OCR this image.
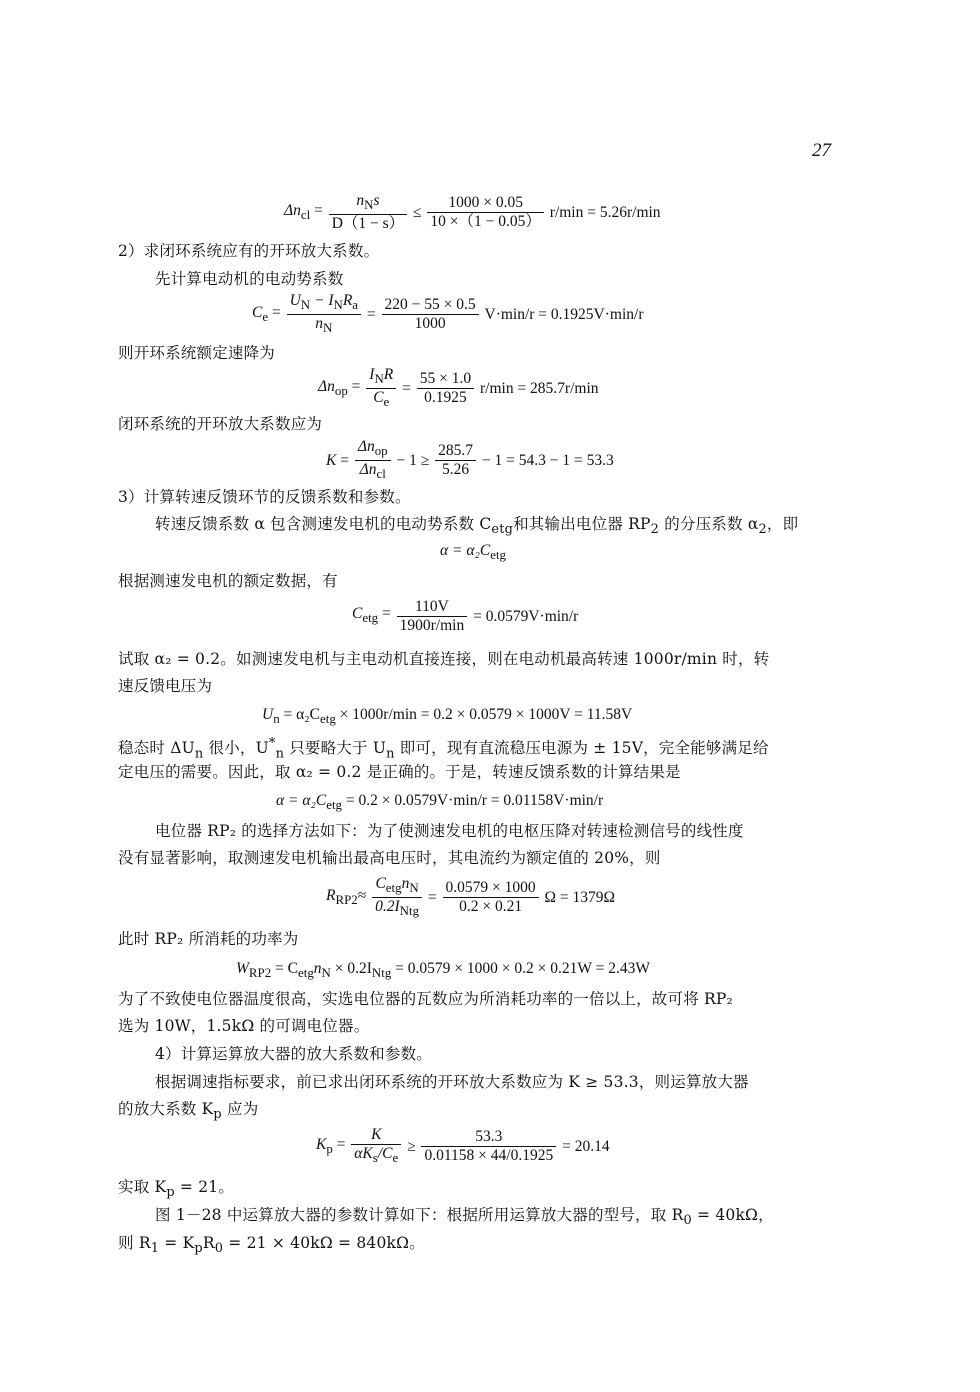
27
$\Delta n_{cl} = \frac{n_Ns}{D(1 - s)} \le \frac{1000 \times 0.05}{10 \times(1 - 0.05)} r/\min = 5.26r/\min$
2）求闭环系统应有的开环放大系数。
先计算电动机的电动势系数
$C_e = \frac{U_N - I_NR_a}{n_N} = \frac{220 - 55 \times 0.5}{1000} V\cdot\min/r = 0.1925V\cdot\min/r$
则开环系统额定速降为
$\Delta n_{op} = \frac{I_NR}{C_e} = \frac{55 \times 1.0}{0.1925} r/\min = 285.7r/\min$
闭环系统的开环放大系数应为
$K = \frac{\Delta n_{op}}{\Delta n_{cl}} - 1 \ge \frac{285.7}{5.26} - 1 = 54.3 - 1 = 53.3$
3）计算转速反馈环节的反馈系数和参数。
转速反馈系数 α 包含测速发电机的电动势系数 $C_{etg}$和其输出电位器 $RP_2$ 的分压系数 $\alpha_2$，即
$\alpha = \alpha_2C_{etg}$
根据测速发电机的额定数据，有
$C_{etg} = \frac{110V}{1900r/\min} = 0.0579V\cdot\min/r$
试取 α₂ = 0.2。如测速发电机与主电动机直接连接，则在电动机最高转速 1000r/min 时，转
速反馈电压为
$U_n = \alpha_2C_{etg} \times 1000r/\min = 0.2 \times 0.0579 \times 1000V = 11.58V$
稳态时 $\Delta U_n$ 很小，$U^*_n$ 只要略大于 $U_n$ 即可，现有直流稳压电源为 ± 15V，完全能够满足给
定电压的需要。因此，取 α₂ = 0.2 是正确的。于是，转速反馈系数的计算结果是
$\alpha = \alpha_2C_{etg} = 0.2 \times 0.0579V\cdot\min/r = 0.01158V\cdot\min/r$
电位器 RP₂ 的选择方法如下：为了使测速发电机的电枢压降对转速检测信号的线性度
没有显著影响，取测速发电机输出最高电压时，其电流约为额定值的 20%，则
$R_{RP2}\approx \frac{C_{etg}n_N}{0.2I_{Ntg}} = \frac{0.0579 \times 1000}{0.2 \times 0.21}$ Ω = 1379Ω
此时 RP₂ 所消耗的功率为
$W_{RP2} = C_{etg}n_N \times 0.2I_{Ntg} = 0.0579 \times 1000 \times 0.2 \times 0.21W = 2.43W$
为了不致使电位器温度很高，实选电位器的瓦数应为所消耗功率的一倍以上，故可将 RP₂
选为 10W，1.5kΩ 的可调电位器。
4）计算运算放大器的放大系数和参数。
根据调速指标要求，前已求出闭环系统的开环放大系数应为 K ≥ 53.3，则运算放大器
的放大系数 $K_p$ 应为
$K_p = \frac{K}{\alpha K_s/C_e} \ge \frac{53.3}{0.01158 \times 44/0.1925} = 20.14$
实取 $K_p = 21$。
图 1－28 中运算放大器的参数计算如下：根据所用运算放大器的型号，取 $R_0 = 40k\Omega$，
则 $R_1 = K_pR_0 = 21 \times 40k\Omega = 840k\Omega$。
